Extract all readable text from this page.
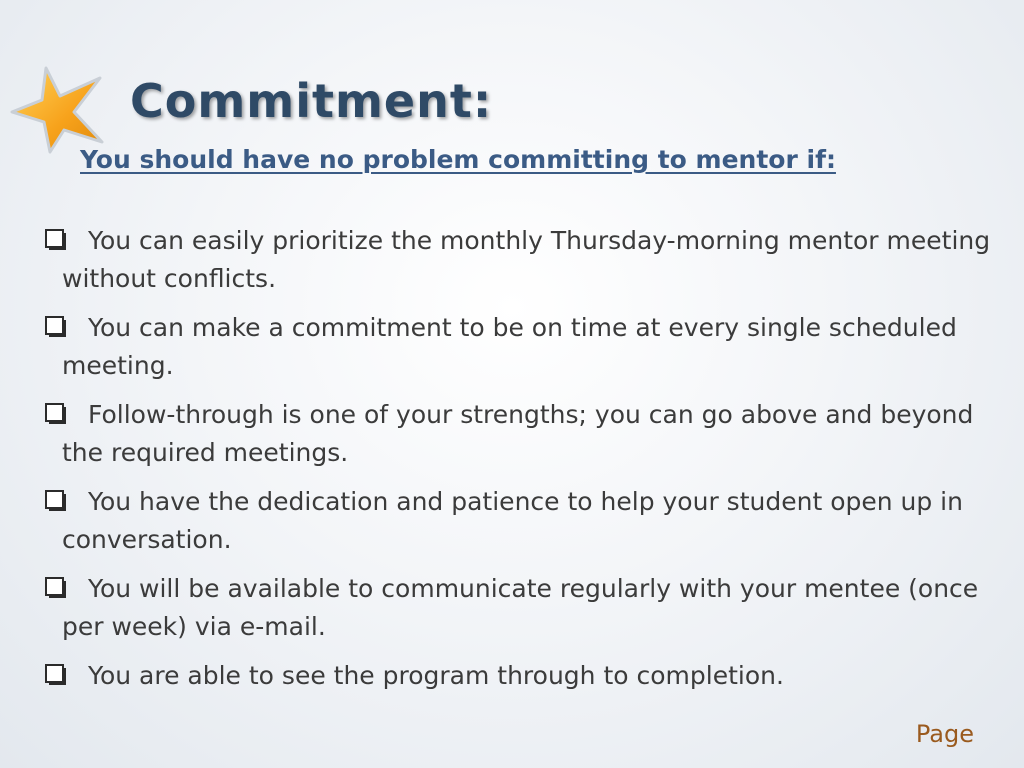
Commitment:
You should have no problem committing to mentor if:
You can easily prioritize the monthly Thursday-morning mentor meeting without conflicts.
You can make a commitment to be on time at every single scheduled meeting.
Follow-through is one of your strengths; you can go above and beyond the required meetings.
You have the dedication and patience to help your student open up in conversation.
You will be available to communicate regularly with your mentee (once per week) via e-mail.
You are able to see the program through to completion.
Page
